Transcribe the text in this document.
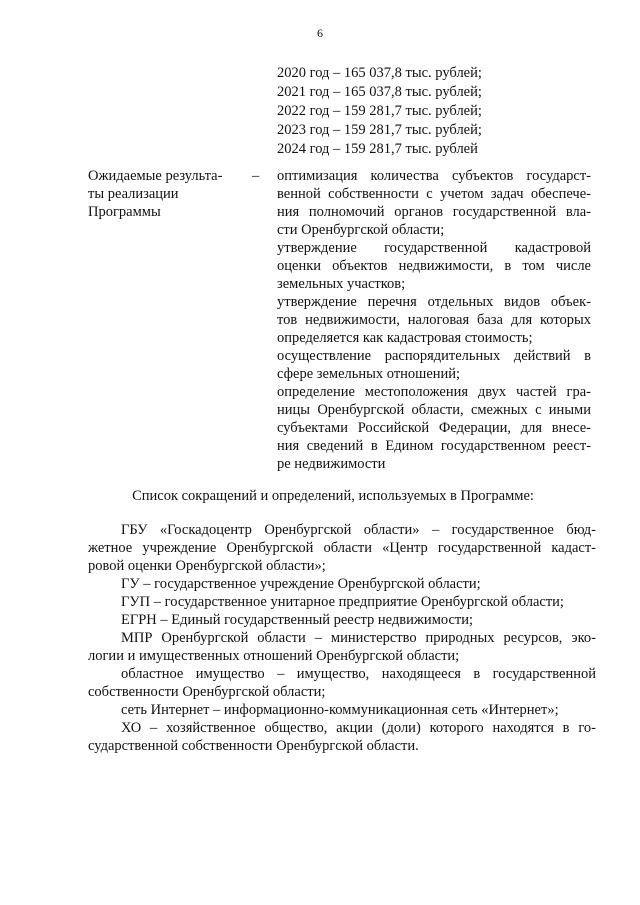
6
2020 год – 165 037,8 тыс. рублей;
2021 год – 165 037,8 тыс. рублей;
2022 год – 159 281,7 тыс. рублей;
2023 год – 159 281,7 тыс. рублей;
2024 год – 159 281,7 тыс. рублей
Ожидаемые результа-
ты реализации
Программы
– оптимизация количества субъектов государст-
венной собственности с учетом задач обеспече-
ния полномочий органов государственной вла-
сти Оренбургской области;
утверждение государственной кадастровой
оценки объектов недвижимости, в том числе
земельных участков;
утверждение перечня отдельных видов объек-
тов недвижимости, налоговая база для которых
определяется как кадастровая стоимость;
осуществление распорядительных действий в
сфере земельных отношений;
определение местоположения двух частей гра-
ницы Оренбургской области, смежных с иными
субъектами Российской Федерации, для внесе-
ния сведений в Едином государственном реест-
ре недвижимости
Список сокращений и определений, используемых в Программе:
ГБУ «Госкадоцентр Оренбургской области» – государственное бюд-
жетное учреждение Оренбургской области «Центр государственной кадаст-
ровой оценки Оренбургской области»;
ГУ – государственное учреждение Оренбургской области;
ГУП – государственное унитарное предприятие Оренбургской области;
ЕГРН – Единый государственный реестр недвижимости;
МПР Оренбургской области – министерство природных ресурсов, эко-
логии и имущественных отношений Оренбургской области;
областное имущество – имущество, находящееся в государственной
собственности Оренбургской области;
сеть Интернет – информационно-коммуникационная сеть «Интернет»;
ХО – хозяйственное общество, акции (доли) которого находятся в го-
сударственной собственности Оренбургской области.
